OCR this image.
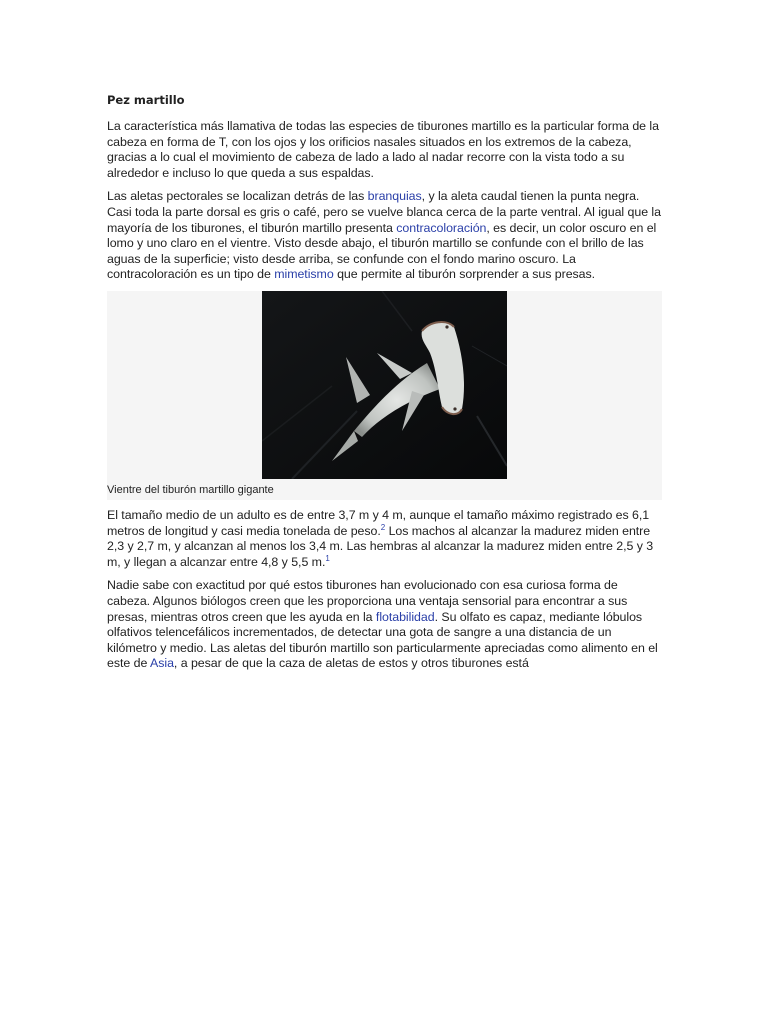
Pez martillo

La característica más llamativa de todas las especies de tiburones martillo es la particular forma de la cabeza en forma de T, con los ojos y los orificios nasales situados en los extremos de la cabeza, gracias a lo cual el movimiento de cabeza de lado a lado al nadar recorre con la vista todo a su alrededor e incluso lo que queda a sus espaldas.

Las aletas pectorales se localizan detrás de las branquias, y la aleta caudal tienen la punta negra. Casi toda la parte dorsal es gris o café, pero se vuelve blanca cerca de la parte ventral. Al igual que la mayoría de los tiburones, el tiburón martillo presenta contracoloración, es decir, un color oscuro en el lomo y uno claro en el vientre. Visto desde abajo, el tiburón martillo se confunde con el brillo de las aguas de la superficie; visto desde arriba, se confunde con el fondo marino oscuro. La contracoloración es un tipo de mimetismo que permite al tiburón sorprender a sus presas.

Vientre del tiburón martillo gigante

El tamaño medio de un adulto es de entre 3,7 m y 4 m, aunque el tamaño máximo registrado es 6,1 metros de longitud y casi media tonelada de peso.$^2$ Los machos al alcanzar la madurez miden entre 2,3 y 2,7 m, y alcanzan al menos los 3,4 m. Las hembras al alcanzar la madurez miden entre 2,5 y 3 m, y llegan a alcanzar entre 4,8 y 5,5 m.$^1$

Nadie sabe con exactitud por qué estos tiburones han evolucionado con esa curiosa forma de cabeza. Algunos biólogos creen que les proporciona una ventaja sensorial para encontrar a sus presas, mientras otros creen que les ayuda en la flotabilidad. Su olfato es capaz, mediante lóbulos olfativos telencefálicos incrementados, de detectar una gota de sangre a una distancia de un kilómetro y medio. Las aletas del tiburón martillo son particularmente apreciadas como alimento en el este de Asia, a pesar de que la caza de aletas de estos y otros tiburones está
